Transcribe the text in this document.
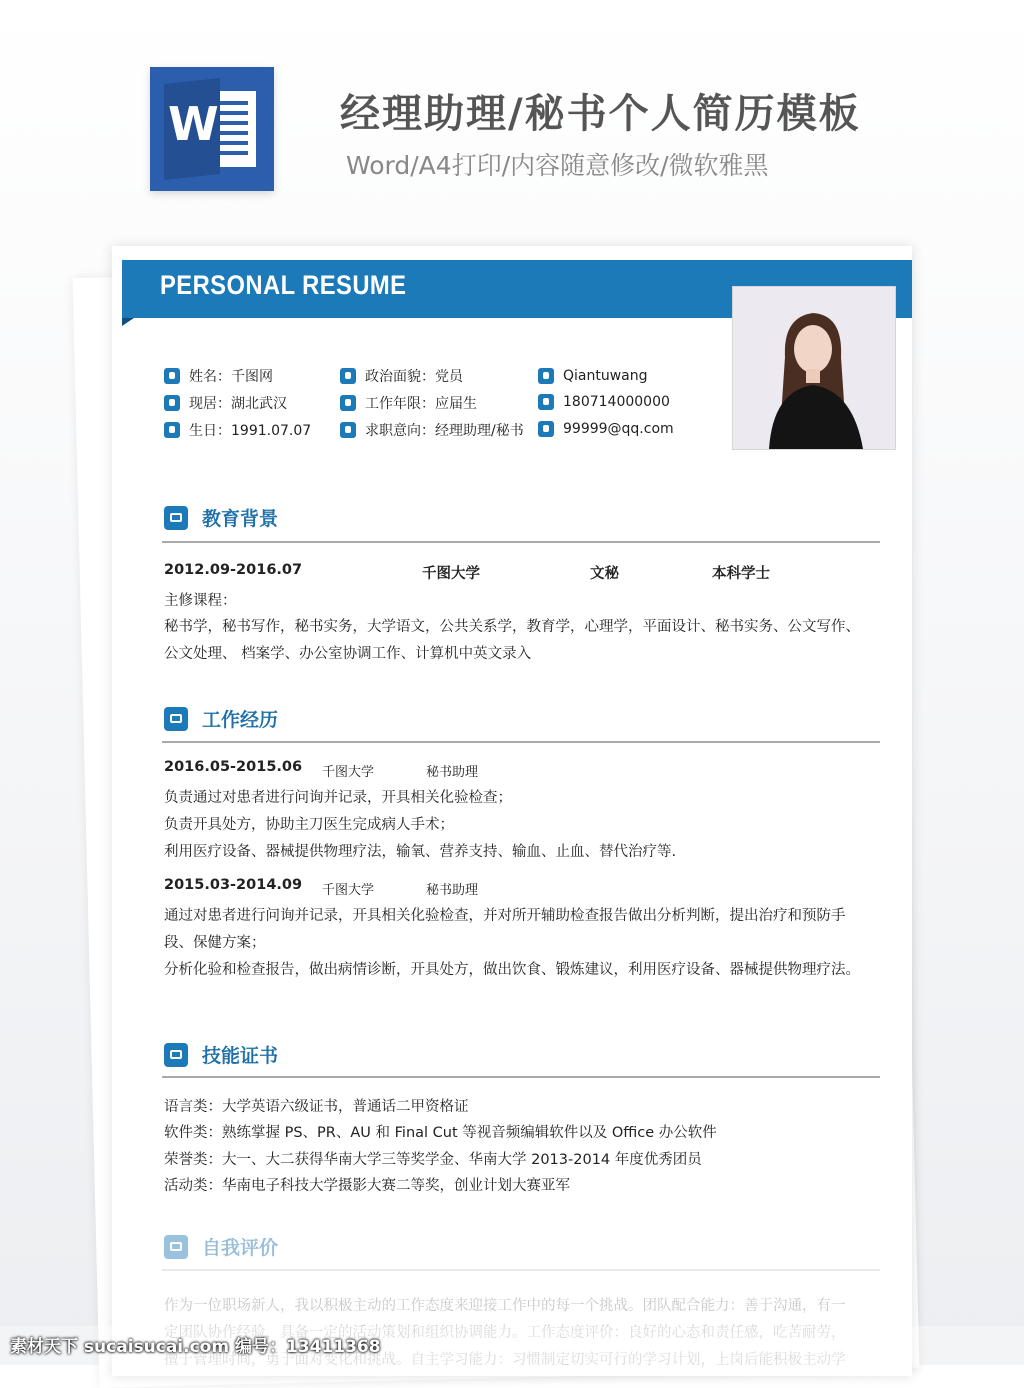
W	经理助理/秘书个人简历模板
Word/A4打印/内容随意修改/微软雅黑
PERSONAL RESUME
姓名：千图网
现居：湖北武汉
生日：1991.07.07
政治面貌：党员
工作年限：应届生
求职意向：经理助理/秘书
Qiantuwang
180714000000
99999@qq.com
教育背景
2012.09-2016.07	千图大学	文秘	本科学士
主修课程：
秘书学，秘书写作，秘书实务，大学语文，公共关系学，教育学，心理学，平面设计、秘书实务、公文写作、
公文处理、 档案学、办公室协调工作、计算机中英文录入
工作经历
2016.05-2015.06 千图大学	秘书助理
负责通过对患者进行问询并记录，开具相关化验检查；
负责开具处方，协助主刀医生完成病人手术；
利用医疗设备、器械提供物理疗法，输氧、营养支持、输血、止血、替代治疗等.
2015.03-2014.09 千图大学	秘书助理
通过对患者进行问询并记录，开具相关化验检查，并对所开辅助检查报告做出分析判断，提出治疗和预防手
段、保健方案；
分析化验和检查报告，做出病情诊断，开具处方，做出饮食、锻炼建议，利用医疗设备、器械提供物理疗法。
技能证书
语言类：大学英语六级证书，普通话二甲资格证
软件类：熟练掌握 PS、PR、AU 和 Final Cut 等视音频编辑软件以及 Office 办公软件
荣誉类：大一、大二获得华南大学三等奖学金、华南大学 2013-2014 年度优秀团员
活动类：华南电子科技大学摄影大赛二等奖，创业计划大赛亚军
自我评价
作为一位职场新人，我以积极主动的工作态度来迎接工作中的每一个挑战。团队配合能力：善于沟通，有一
定团队协作经验，具备一定的活动策划和组织协调能力。工作态度评价：良好的心态和责任感，吃苦耐劳，
擅于管理时间，勇于面对变化和挑战。自主学习能力：习惯制定切实可行的学习计划，上岗后能积极主动学
素材天下 sucaisucai.com 编号：13411368
